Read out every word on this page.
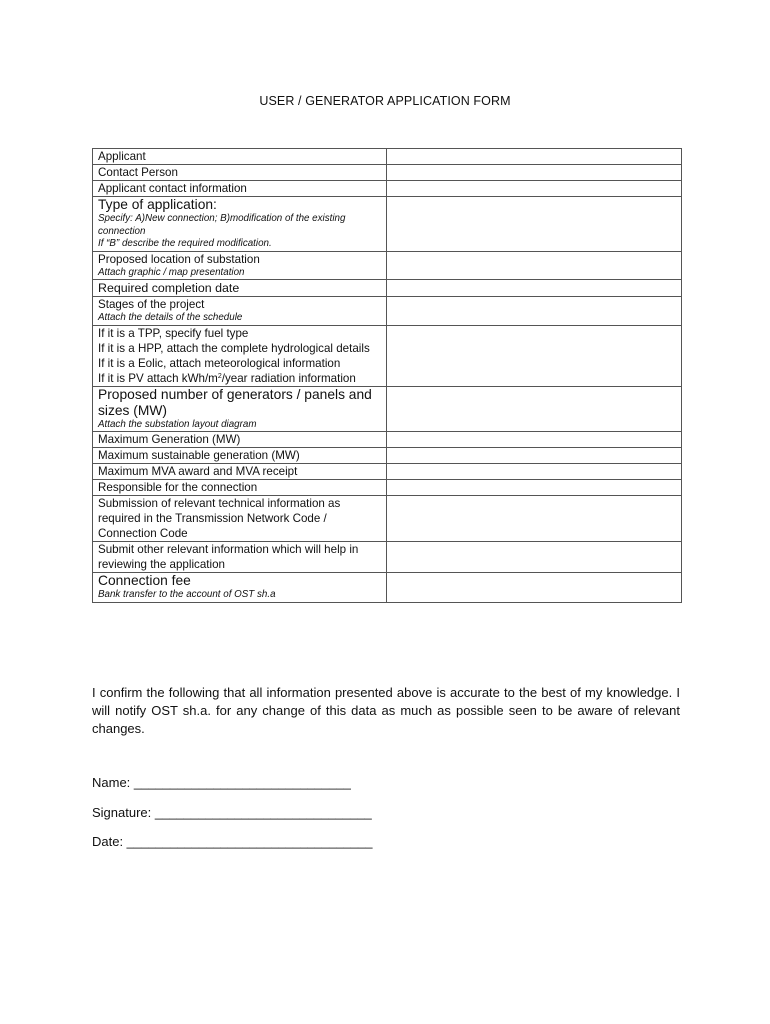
USER / GENERATOR APPLICATION FORM
Applicant	

Contact Person	

Applicant contact information	

Type of application:
Specify: A)New connection; B)modification of the existing connection
If “B” describe the required modification.	

Proposed location of substation
Attach graphic / map presentation	

Required completion date	

Stages of the project
Attach the details of the schedule	

If it is a TPP, specify fuel type
If it is a HPP, attach the complete hydrological details
If it is a Eolic, attach meteorological information
If it is PV attach kWh/$m^2$/year radiation information	

Proposed number of generators / panels and sizes (MW)
Attach the substation layout diagram	

Maximum Generation (MW)	

Maximum sustainable generation (MW)	

Maximum MVA award and MVA receipt	

Responsible for the connection	

Submission of relevant technical information as required in the Transmission Network Code / Connection Code	

Submit other relevant information which will help in reviewing the application	

Connection fee
Bank transfer to the account of OST sh.a	

I confirm the following that all information presented above is accurate to the best of my knowledge. I will notify OST sh.a. for any change of this data as much as possible seen to be aware of relevant changes.

Name: ______________________________

Signature: ______________________________

Date: __________________________________
